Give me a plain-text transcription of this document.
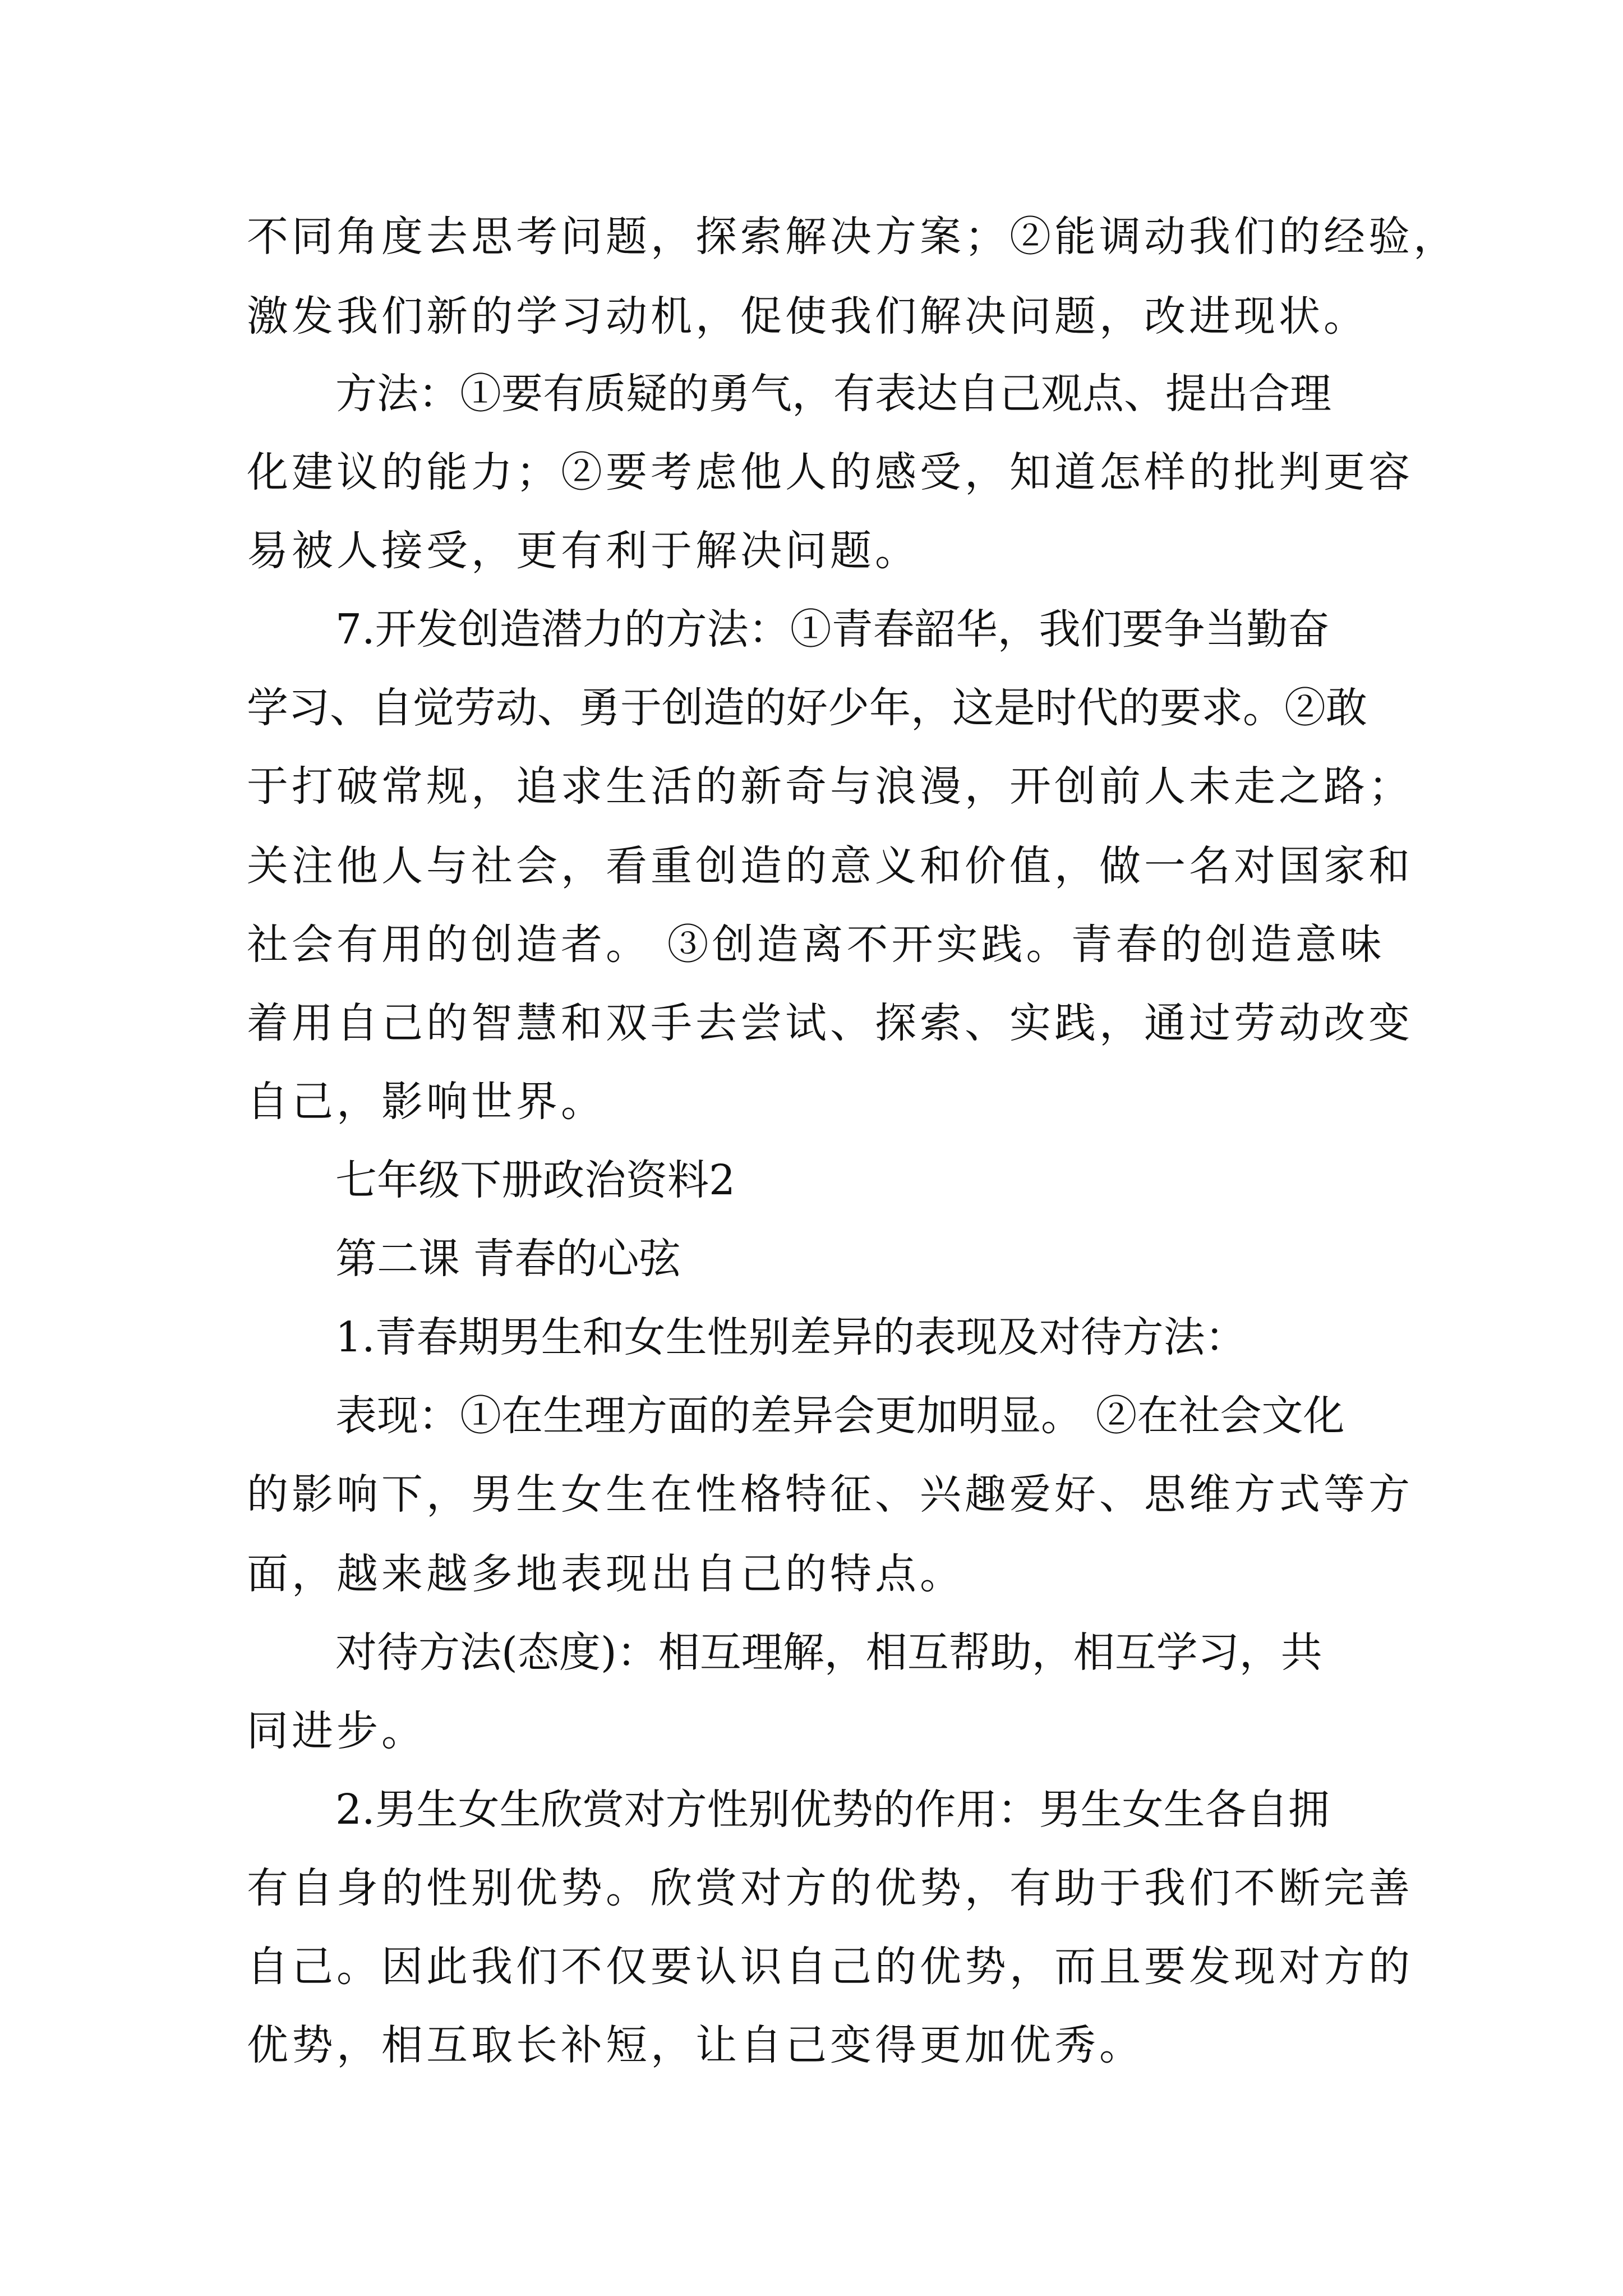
不同角度去思考问题，探索解决方案；②能调动我们的经验，
激发我们新的学习动机，促使我们解决问题，改进现状。
方法：①要有质疑的勇气，有表达自己观点、提出合理
化建议的能力；②要考虑他人的感受，知道怎样的批判更容
易被人接受，更有利于解决问题。
7.开发创造潜力的方法：①青春韶华，我们要争当勤奋
学习、自觉劳动、勇于创造的好少年，这是时代的要求。②敢
于打破常规，追求生活的新奇与浪漫，开创前人未走之路；
关注他人与社会，看重创造的意义和价值，做一名对国家和
社会有用的创造者。 ③创造离不开实践。青春的创造意味
着用自己的智慧和双手去尝试、探索、实践，通过劳动改变
自己，影响世界。
七年级下册政治资料2
第二课 青春的心弦
1.青春期男生和女生性别差异的表现及对待方法：
表现：①在生理方面的差异会更加明显。 ②在社会文化
的影响下，男生女生在性格特征、兴趣爱好、思维方式等方
面，越来越多地表现出自己的特点。
对待方法(态度)：相互理解，相互帮助，相互学习，共
同进步。
2.男生女生欣赏对方性别优势的作用：男生女生各自拥
有自身的性别优势。欣赏对方的优势，有助于我们不断完善
自己。因此我们不仅要认识自己的优势，而且要发现对方的
优势，相互取长补短，让自己变得更加优秀。
